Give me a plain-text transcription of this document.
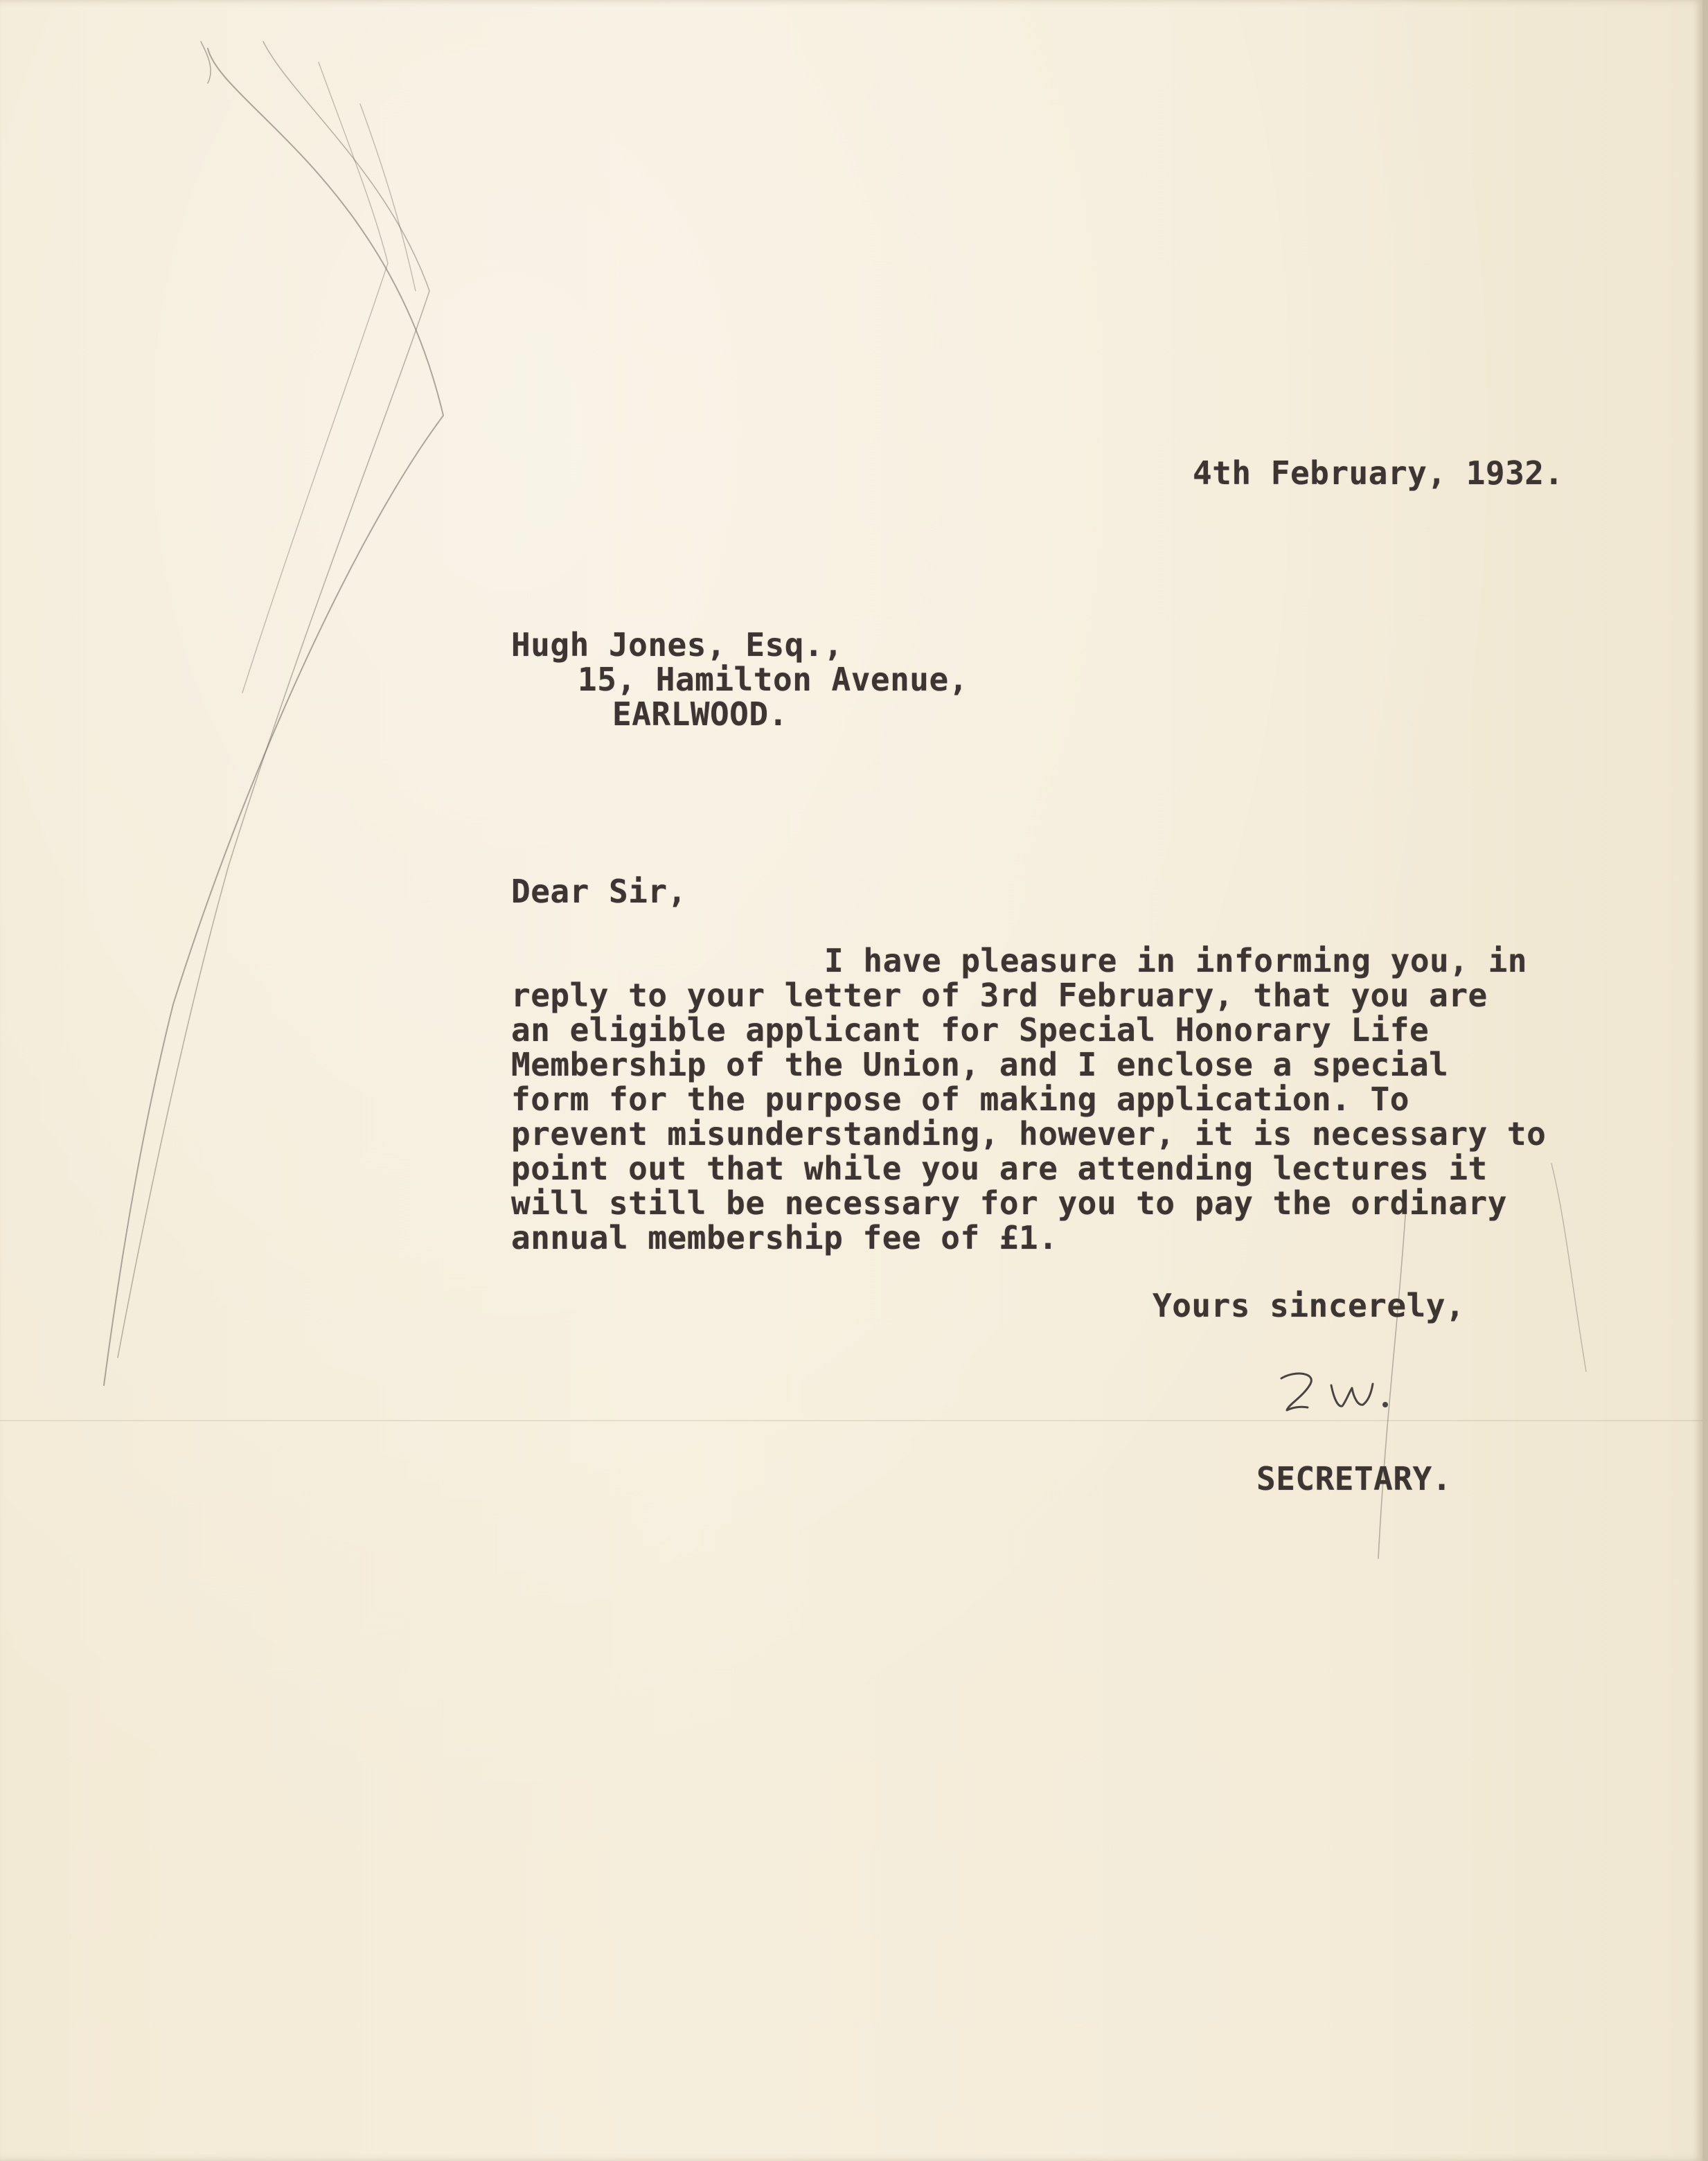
4th February, 1932.
Hugh Jones, Esq.,
15, Hamilton Avenue,
EARLWOOD.
Dear Sir,
I have pleasure in informing you, in
reply to your letter of 3rd February, that you are
an eligible applicant for Special Honorary Life
Membership of the Union, and I enclose a special
form for the purpose of making application. To
prevent misunderstanding, however, it is necessary to
point out that while you are attending lectures it
will still be necessary for you to pay the ordinary
annual membership fee of £1.
Yours sincerely,
SECRETARY.
